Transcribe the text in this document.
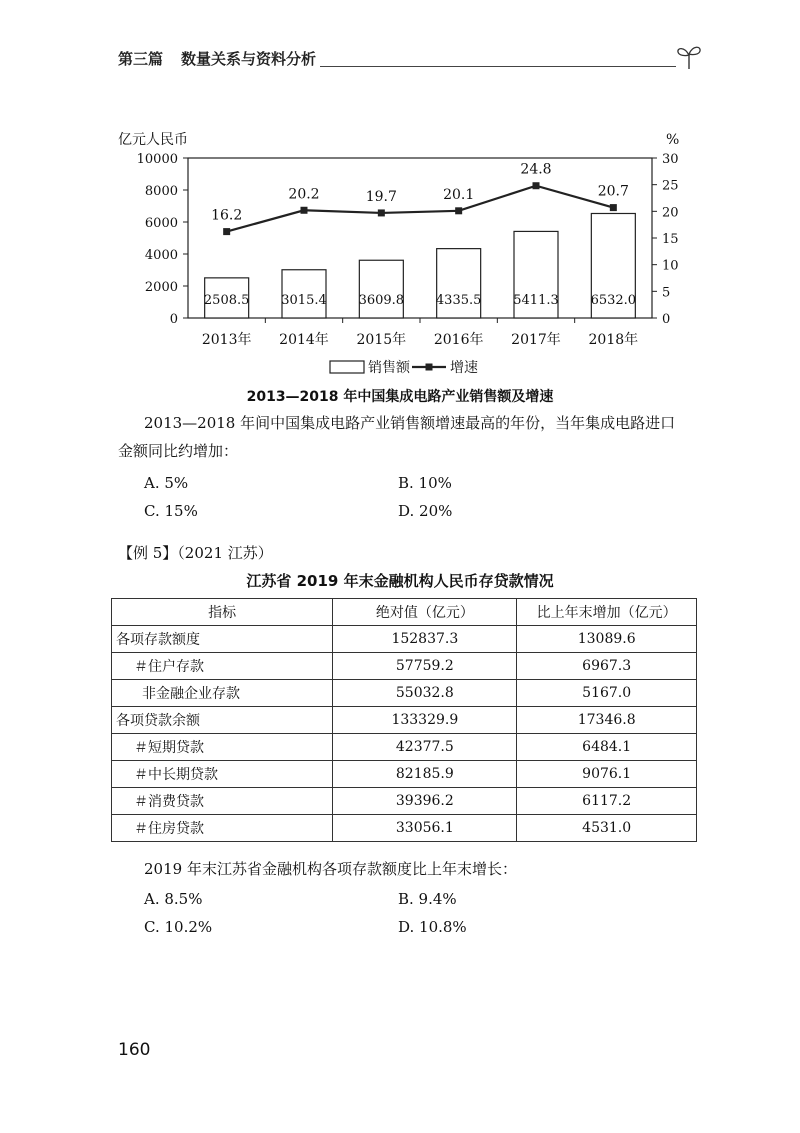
第三篇 数量关系与资料分析
0
2000
4000
6000
8000
10000
0
5
10
15
20
25
30
亿元人民币	%
2013年 2014年 2015年 2016年 2017年 2018年
2508.5 3015.4 3609.8 4335.5 5411.3 6532.0
16.2
20.2	19.7	20.1
24.8
20.7
销售额	增速
2013—2018 年中国集成电路产业销售额及增速
2013—2018 年间中国集成电路产业销售额增速最高的年份，当年集成电路进口
金额同比约增加：
A. 5%	B. 10%
C. 15%	D. 20%
【例 5】（2021 江苏）
江苏省 2019 年末金融机构人民币存贷款情况
指标	绝对值（亿元）	比上年末增加（亿元）
各项存款额度	152837.3	13089.6
＃住户存款	57759.2	6967.3
非金融企业存款	55032.8	5167.0
各项贷款余额	133329.9	17346.8
＃短期贷款	42377.5	6484.1
＃中长期贷款	82185.9	9076.1
＃消费贷款	39396.2	6117.2
＃住房贷款	33056.1	4531.0
2019 年末江苏省金融机构各项存款额度比上年末增长：
A. 8.5%	B. 9.4%
C. 10.2%	D. 10.8%
160
